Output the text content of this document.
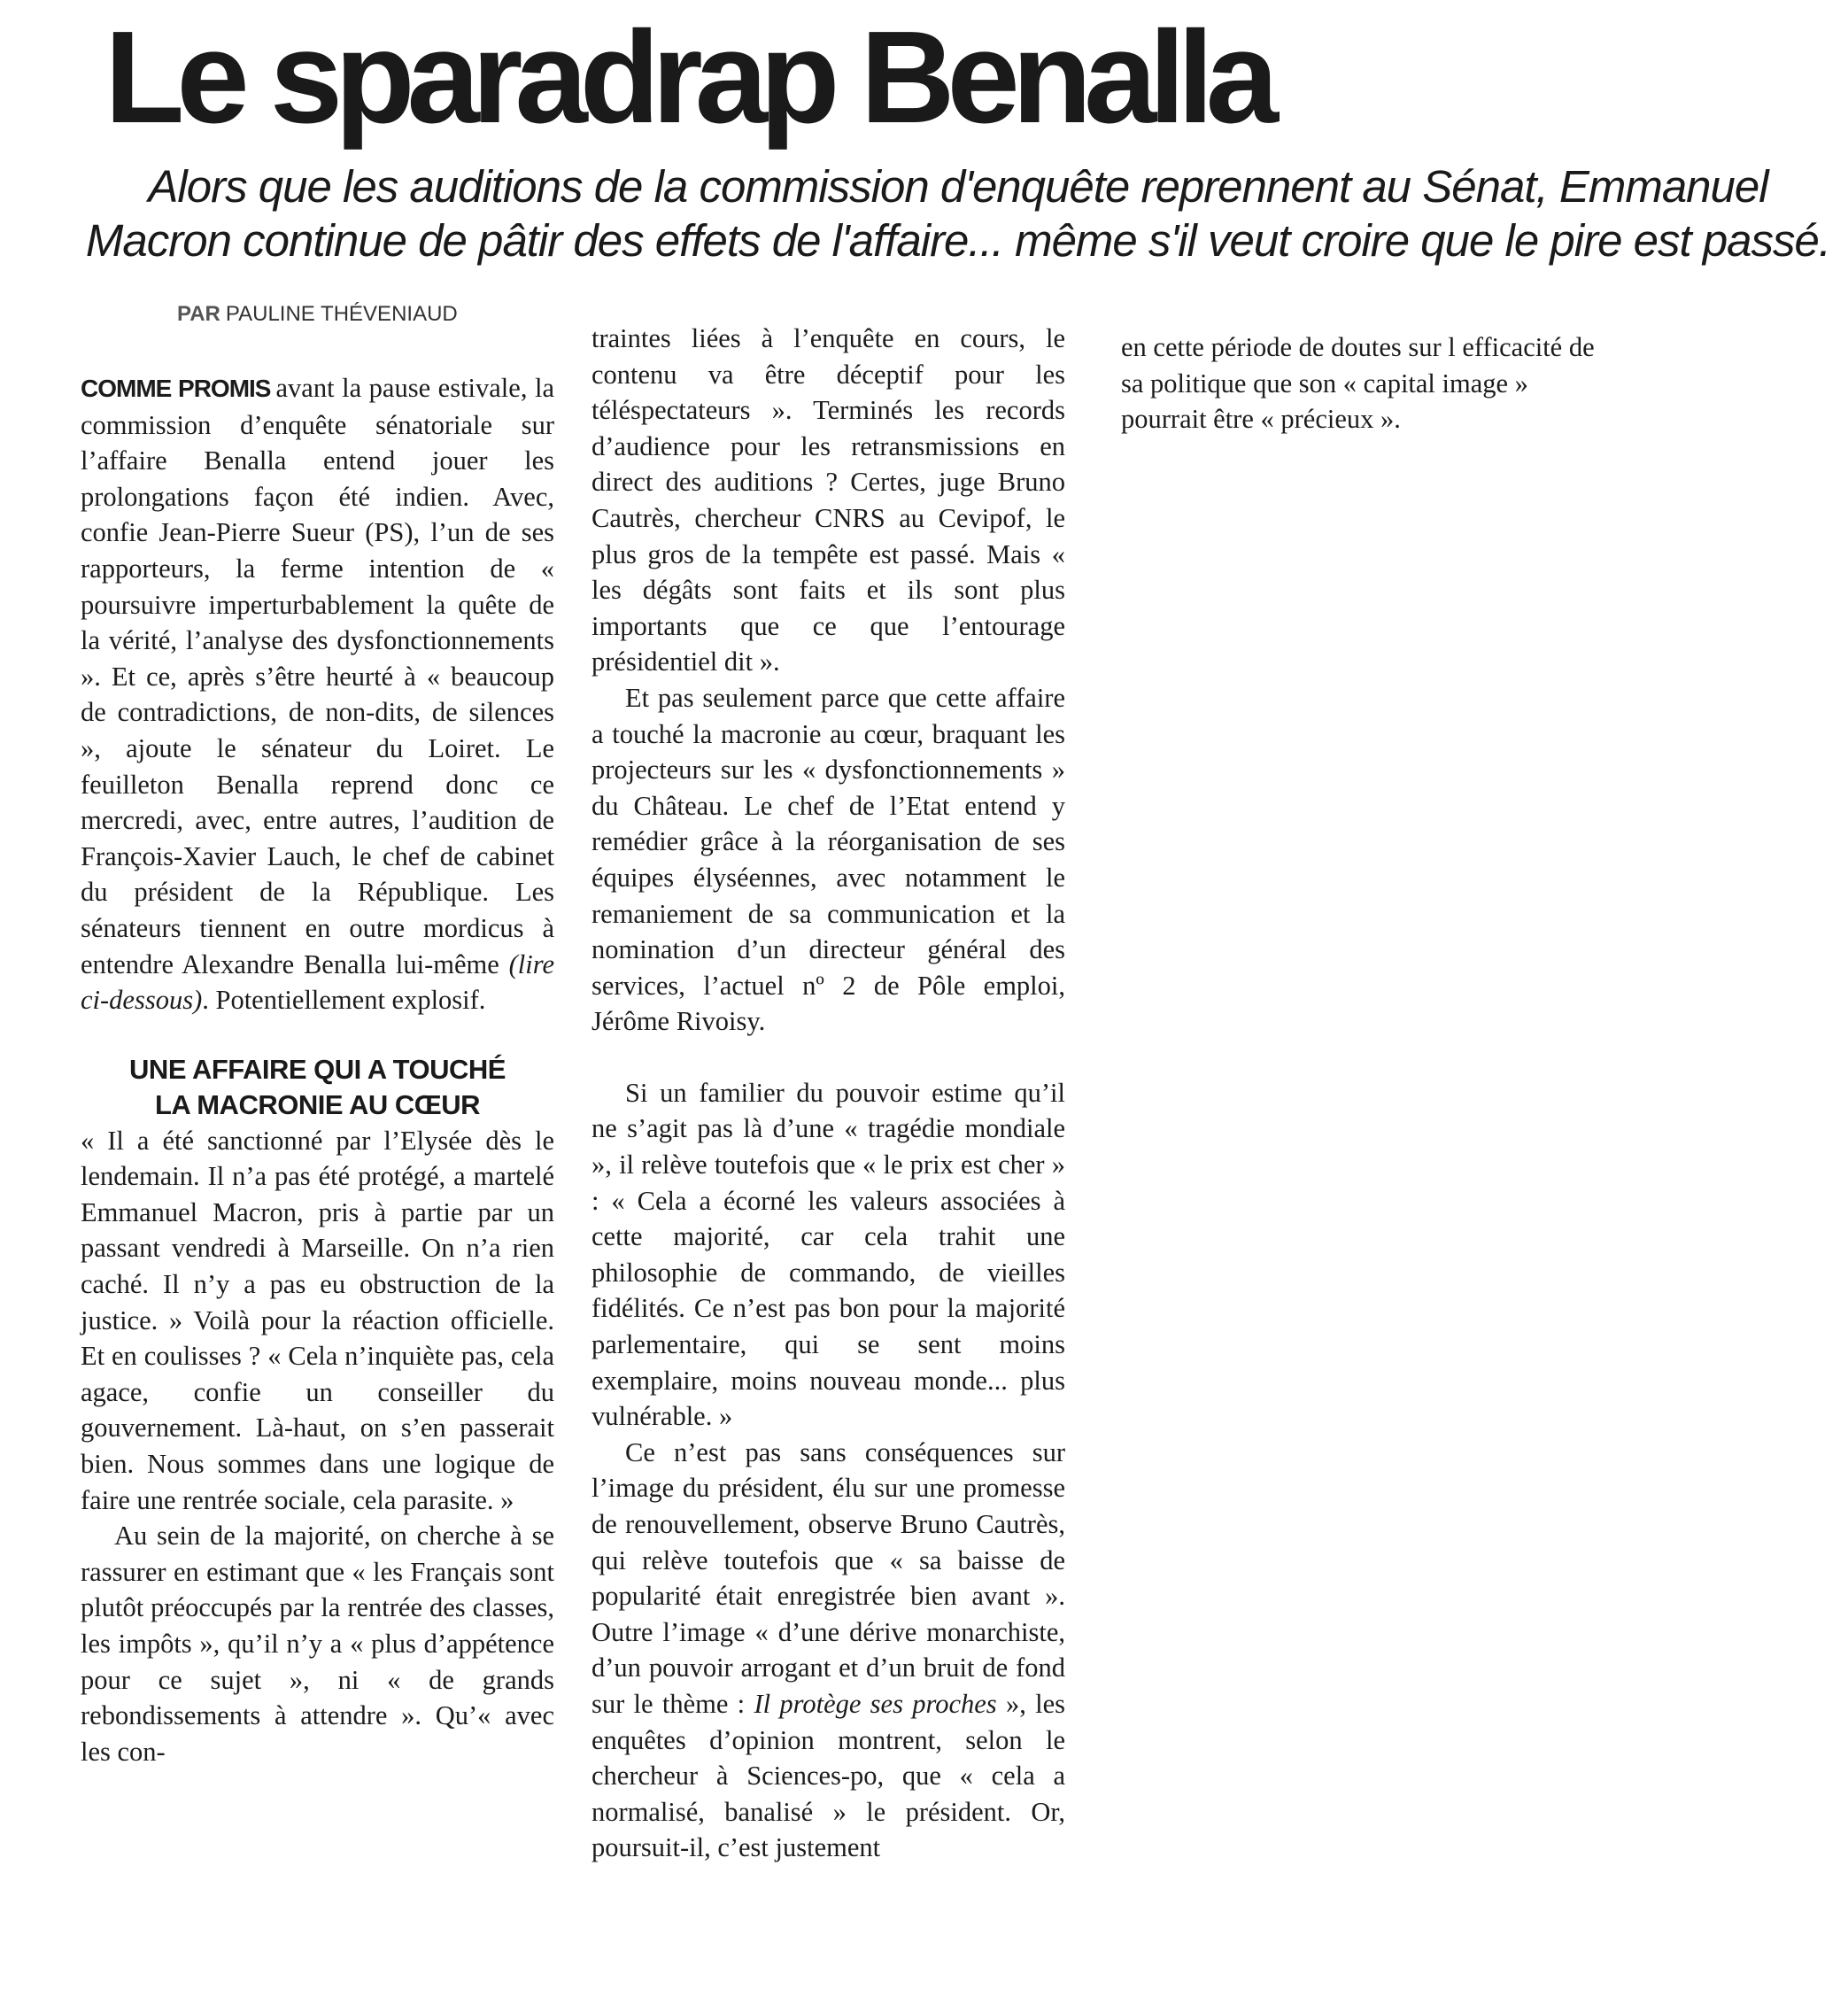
Le sparadrap Benalla

Alors que les auditions de la commission d'enquête reprennent au Sénat, Emmanuel Macron continue de pâtir des effets de l'affaire... même s'il veut croire que le pire est passé.

PAR PAULINE THÉVENIAUD

COMME PROMIS avant la pause estivale, la commission d’enquête sénatoriale sur l’affaire Benalla entend jouer les prolongations façon été indien. Avec, confie Jean-Pierre Sueur (PS), l’un de ses rapporteurs, la ferme intention de « poursuivre imperturbablement la quête de la vérité, l’analyse des dysfonctionnements ». Et ce, après s’être heurté à « beaucoup de contradictions, de non-dits, de silences », ajoute le sénateur du Loiret. Le feuilleton Benalla reprend donc ce mercredi, avec, entre autres, l’audition de François-Xavier Lauch, le chef de cabinet du président de la République. Les sénateurs tiennent en outre mordicus à entendre Alexandre Benalla lui-même (lire ci-dessous). Potentiellement explosif.

UNE AFFAIRE QUI A TOUCHÉ
LA MACRONIE AU CŒUR

« Il a été sanctionné par l’Elysée dès le lendemain. Il n’a pas été protégé, a martelé Emmanuel Macron, pris à partie par un passant vendredi à Marseille. On n’a rien caché. Il n’y a pas eu obstruction de la justice. » Voilà pour la réaction officielle. Et en coulisses ? « Cela n’inquiète pas, cela agace, confie un conseiller du gouvernement. Là-haut, on s’en passerait bien. Nous sommes dans une logique de faire une rentrée sociale, cela parasite. »

Au sein de la majorité, on cherche à se rassurer en estimant que « les Français sont plutôt préoccupés par la rentrée des classes, les impôts », qu’il n’y a « plus d’appétence pour ce sujet », ni « de grands rebondissements à attendre ». Qu’« avec les con-

traintes liées à l’enquête en cours, le contenu va être déceptif pour les téléspectateurs ». Terminés les records d’audience pour les retransmissions en direct des auditions ? Certes, juge Bruno Cautrès, chercheur CNRS au Cevipof, le plus gros de la tempête est passé. Mais « les dégâts sont faits et ils sont plus importants que ce que l’entourage présidentiel dit ».

Et pas seulement parce que cette affaire a touché la macronie au cœur, braquant les projecteurs sur les « dysfonctionnements » du Château. Le chef de l’Etat entend y remédier grâce à la réorganisation de ses équipes élyséennes, avec notamment le remaniement de sa communication et la nomination d’un directeur général des services, l’actuel nº 2 de Pôle emploi, Jérôme Rivoisy.

Si un familier du pouvoir estime qu’il ne s’agit pas là d’une « tragédie mondiale », il relève toutefois que « le prix est cher » : « Cela a écorné les valeurs associées à cette majorité, car cela trahit une philosophie de commando, de vieilles fidélités. Ce n’est pas bon pour la majorité parlementaire, qui se sent moins exemplaire, moins nouveau monde... plus vulnérable. »

Ce n’est pas sans conséquences sur l’image du président, élu sur une promesse de renouvellement, observe Bruno Cautrès, qui relève toutefois que « sa baisse de popularité était enregistrée bien avant ». Outre l’image « d’une dérive monarchiste, d’un pouvoir arrogant et d’un bruit de fond sur le thème : Il protège ses proches », les enquêtes d’opinion montrent, selon le chercheur à Sciences-po, que « cela a normalisé, banalisé » le président. Or, poursuit-il, c’est justement

en cette période de doutes sur l efficacité de sa politique que son « capital image » pourrait être « précieux ».
